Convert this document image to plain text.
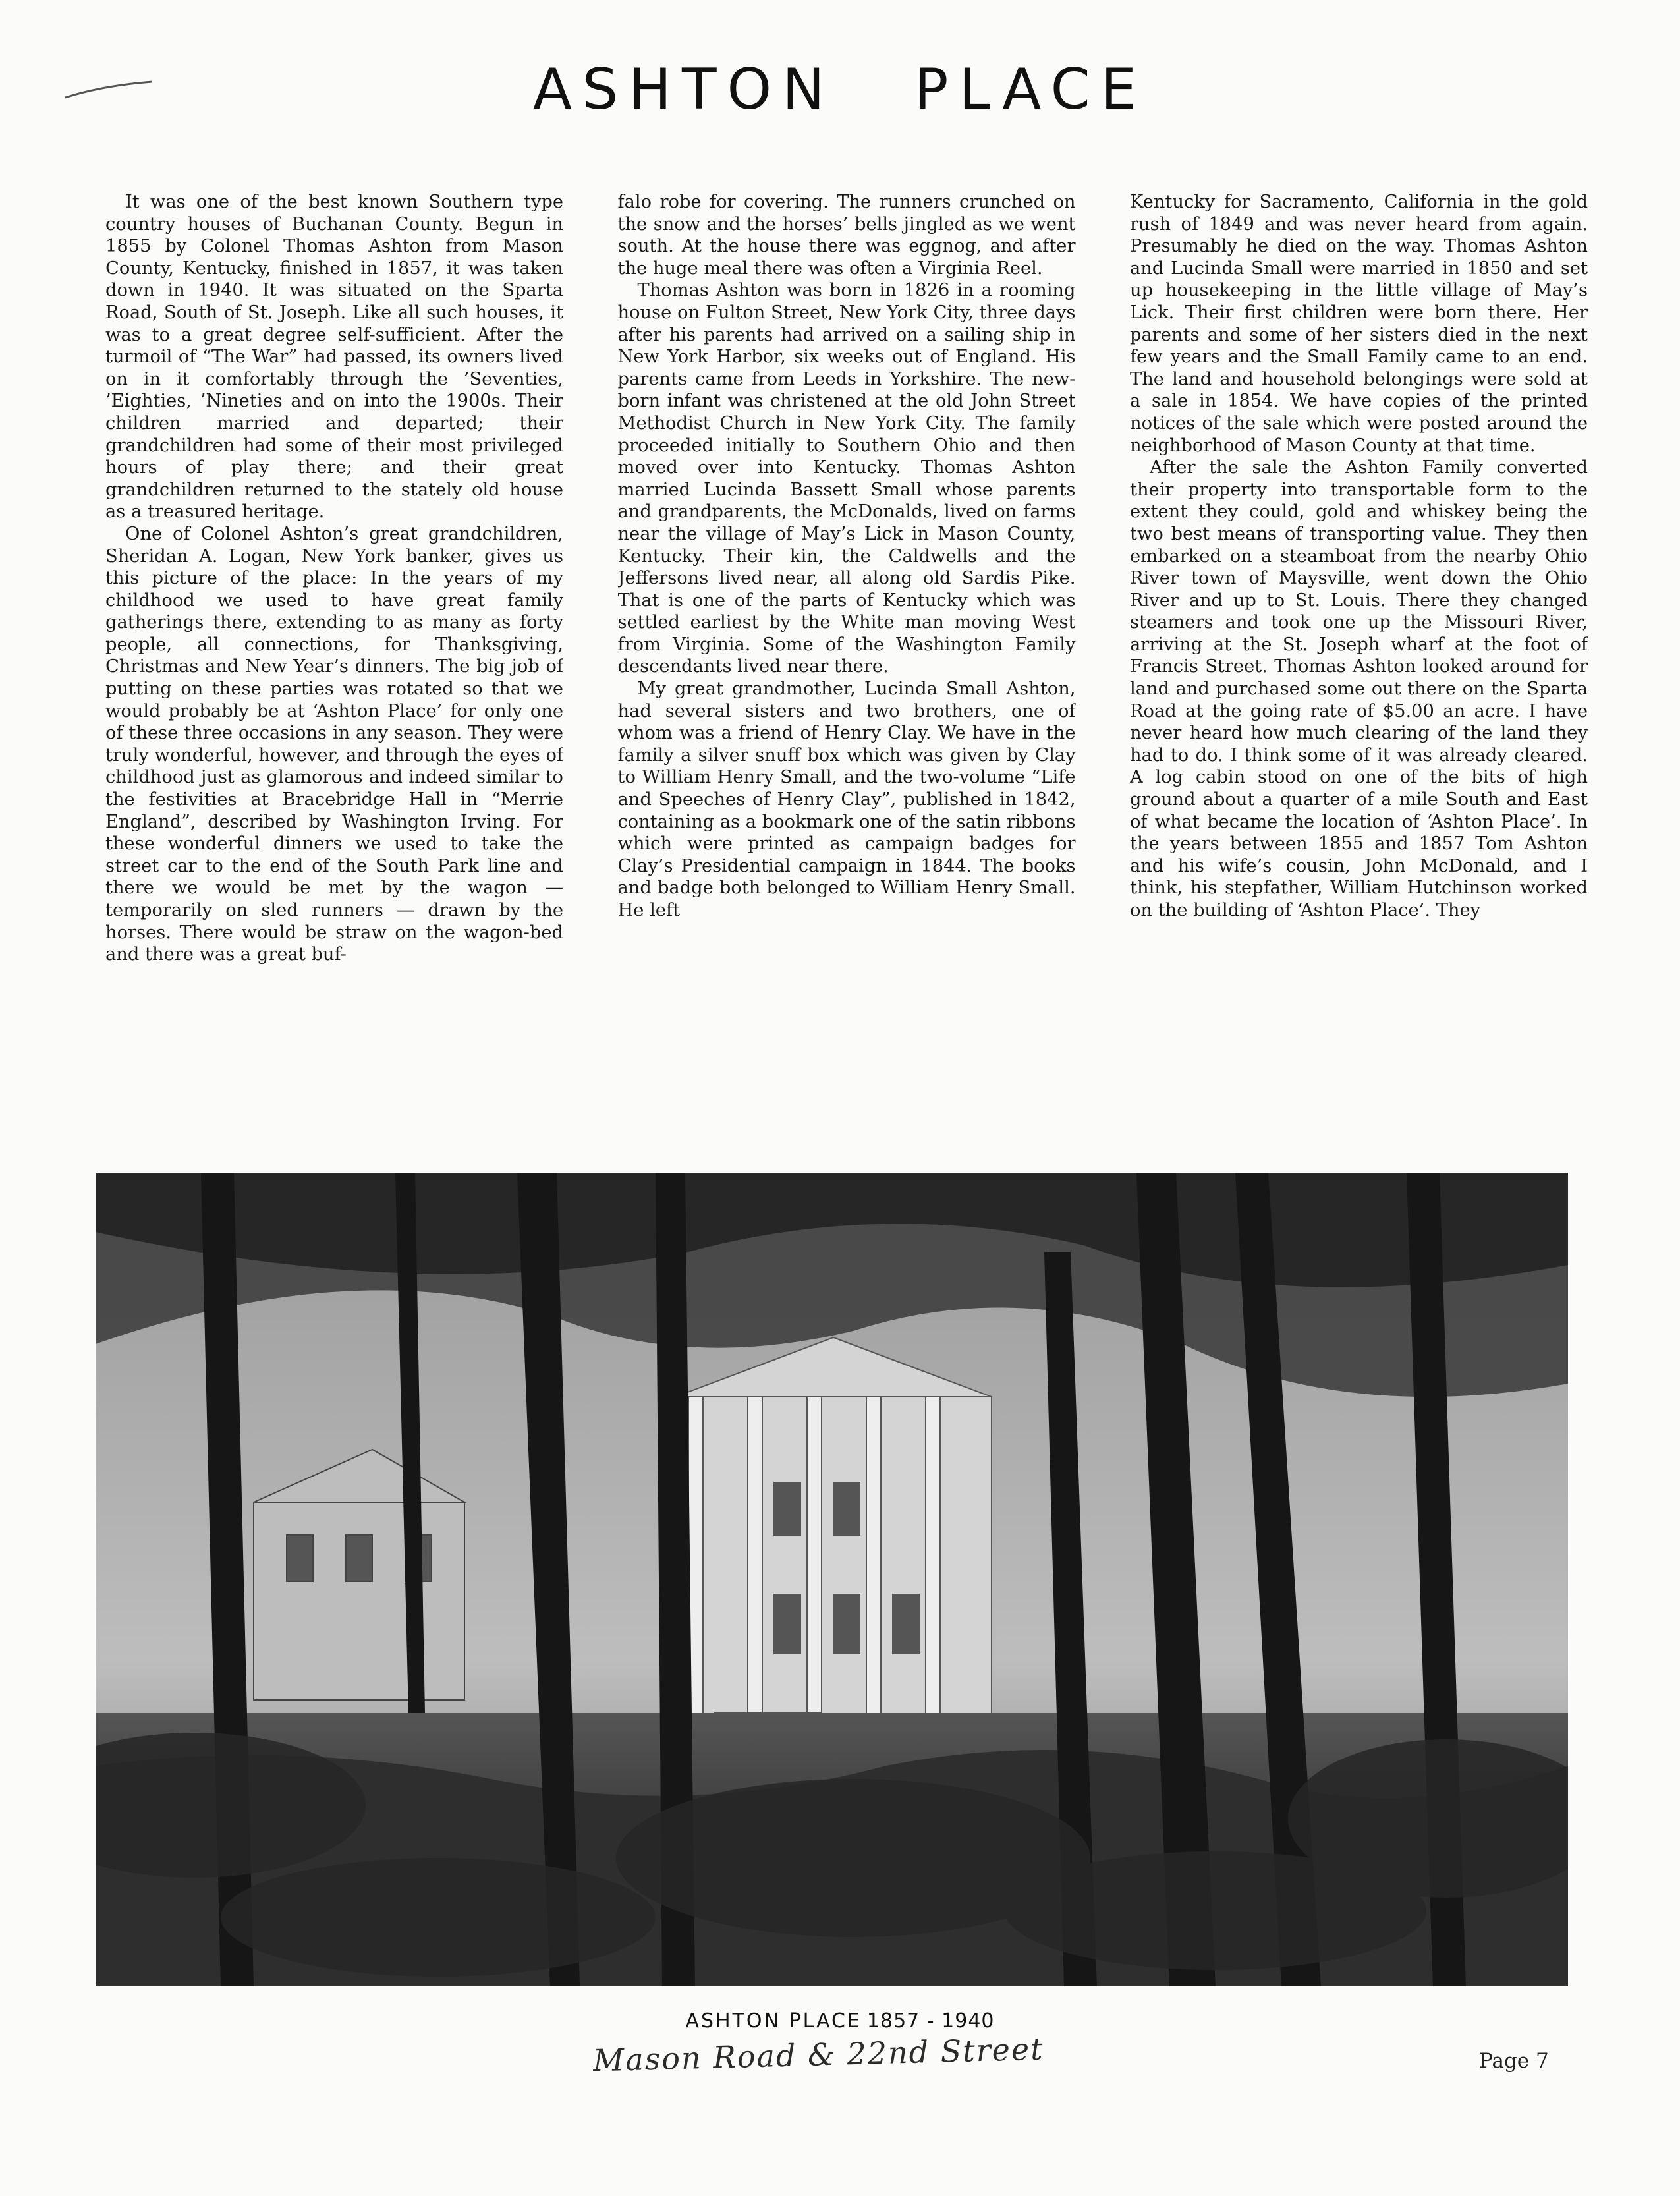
ASHTON PLACE

It was one of the best known Southern type country houses of Buchanan County. Begun in 1855 by Colonel Thomas Ashton from Mason County, Kentucky, finished in 1857, it was taken down in 1940. It was situated on the Sparta Road, South of St. Joseph. Like all such houses, it was to a great degree self-sufficient. After the turmoil of “The War” had passed, its owners lived on in it comfortably through the ’Seventies, ’Eighties, ’Nineties and on into the 1900s. Their children married and departed; their grandchildren had some of their most privileged hours of play there; and their great grandchildren returned to the stately old house as a treasured heritage.

One of Colonel Ashton’s great grandchildren, Sheridan A. Logan, New York banker, gives us this picture of the place: In the years of my childhood we used to have great family gatherings there, extending to as many as forty people, all connections, for Thanksgiving, Christmas and New Year’s dinners. The big job of putting on these parties was rotated so that we would probably be at ‘Ashton Place’ for only one of these three occasions in any season. They were truly wonderful, however, and through the eyes of childhood just as glamorous and indeed similar to the festivities at Bracebridge Hall in “Merrie England”, described by Washington Irving. For these wonderful dinners we used to take the street car to the end of the South Park line and there we would be met by the wagon — temporarily on sled runners — drawn by the horses. There would be straw on the wagon-bed and there was a great buf-

falo robe for covering. The runners crunched on the snow and the horses’ bells jingled as we went south. At the house there was eggnog, and after the huge meal there was often a Virginia Reel.

Thomas Ashton was born in 1826 in a rooming house on Fulton Street, New York City, three days after his parents had arrived on a sailing ship in New York Harbor, six weeks out of England. His parents came from Leeds in Yorkshire. The new-born infant was christened at the old John Street Methodist Church in New York City. The family proceeded initially to Southern Ohio and then moved over into Kentucky. Thomas Ashton married Lucinda Bassett Small whose parents and grandparents, the McDonalds, lived on farms near the village of May’s Lick in Mason County, Kentucky. Their kin, the Caldwells and the Jeffersons lived near, all along old Sardis Pike. That is one of the parts of Kentucky which was settled earliest by the White man moving West from Virginia. Some of the Washington Family descendants lived near there.

My great grandmother, Lucinda Small Ashton, had several sisters and two brothers, one of whom was a friend of Henry Clay. We have in the family a silver snuff box which was given by Clay to William Henry Small, and the two-volume “Life and Speeches of Henry Clay”, published in 1842, containing as a bookmark one of the satin ribbons which were printed as campaign badges for Clay’s Presidential campaign in 1844. The books and badge both belonged to William Henry Small. He left

Kentucky for Sacramento, California in the gold rush of 1849 and was never heard from again. Presumably he died on the way. Thomas Ashton and Lucinda Small were married in 1850 and set up housekeeping in the little village of May’s Lick. Their first children were born there. Her parents and some of her sisters died in the next few years and the Small Family came to an end. The land and household belongings were sold at a sale in 1854. We have copies of the printed notices of the sale which were posted around the neighborhood of Mason County at that time.

After the sale the Ashton Family converted their property into transportable form to the extent they could, gold and whiskey being the two best means of transporting value. They then embarked on a steamboat from the nearby Ohio River town of Maysville, went down the Ohio River and up to St. Louis. There they changed steamers and took one up the Missouri River, arriving at the St. Joseph wharf at the foot of Francis Street. Thomas Ashton looked around for land and purchased some out there on the Sparta Road at the going rate of $5.00 an acre. I have never heard how much clearing of the land they had to do. I think some of it was already cleared. A log cabin stood on one of the bits of high ground about a quarter of a mile South and East of what became the location of ‘Ashton Place’. In the years between 1855 and 1857 Tom Ashton and his wife’s cousin, John McDonald, and I think, his stepfather, William Hutchinson worked on the building of ‘Ashton Place’. They

ASHTON PLACE 1857 - 1940
Mason Road & 22nd Street	Page 7
